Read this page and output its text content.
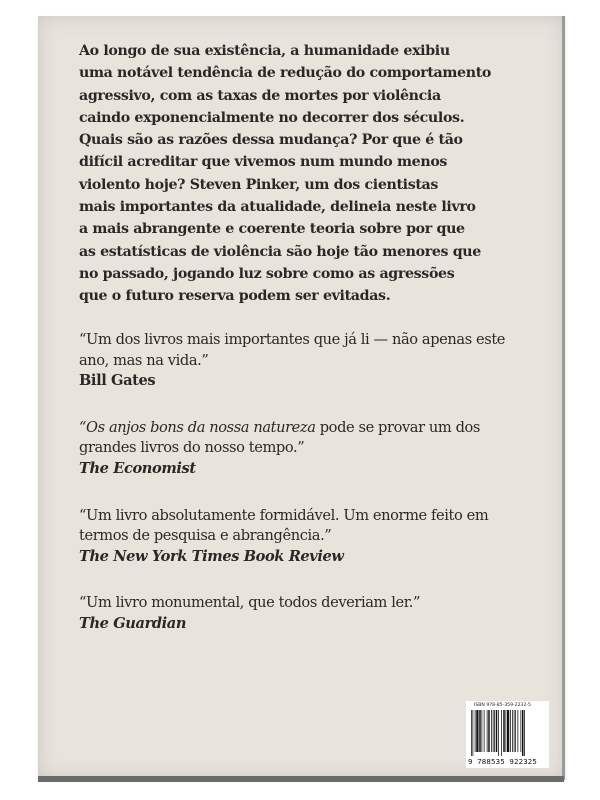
Ao longo de sua existência, a humanidade exibiu
uma notável tendência de redução do comportamento
agressivo, com as taxas de mortes por violência
caindo exponencialmente no decorrer dos séculos.
Quais são as razões dessa mudança? Por que é tão
difícil acreditar que vivemos num mundo menos
violento hoje? Steven Pinker, um dos cientistas
mais importantes da atualidade, delineia neste livro
a mais abrangente e coerente teoria sobre por que
as estatísticas de violência são hoje tão menores que
no passado, jogando luz sobre como as agressões
que o futuro reserva podem ser evitadas.

“Um dos livros mais importantes que já li — não apenas este
ano, mas na vida.”
Bill Gates
“Os anjos bons da nossa natureza pode se provar um dos
grandes livros do nosso tempo.”
The Economist
“Um livro absolutamente formidável. Um enorme feito em
termos de pesquisa e abrangência.”
The New York Times Book Review
“Um livro monumental, que todos deveriam ler.”
The Guardian
ISBN 978-85-359-2232-5
9 788535 922325
